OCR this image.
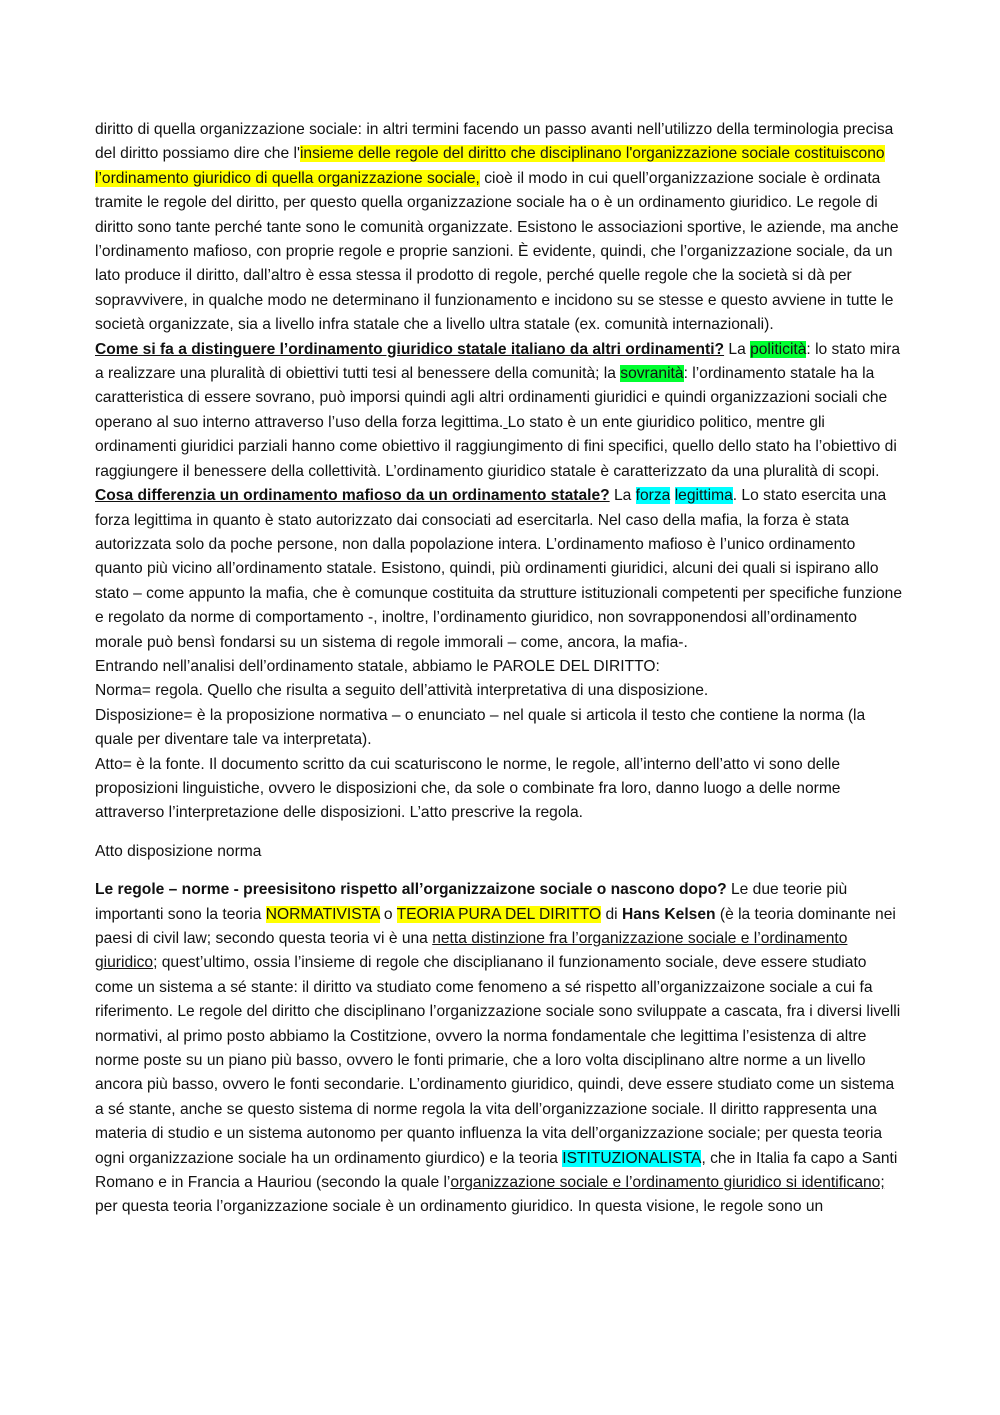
diritto di quella organizzazione sociale: in altri termini facendo un passo avanti nell’utilizzo della terminologia precisa del diritto possiamo dire che l'insieme delle regole del diritto che disciplinano l'organizzazione sociale costituiscono l’ordinamento giuridico di quella organizzazione sociale, cioè il modo in cui quell’organizzazione sociale è ordinata tramite le regole del diritto, per questo quella organizzazione sociale ha o è un ordinamento giuridico. Le regole di diritto sono tante perché tante sono le comunità organizzate. Esistono le associazioni sportive, le aziende, ma anche l’ordinamento mafioso, con proprie regole e proprie sanzioni. È evidente, quindi, che l’organizzazione sociale, da un lato produce il diritto, dall’altro è essa stessa il prodotto di regole, perché quelle regole che la società si dà per sopravvivere, in qualche modo ne determinano il funzionamento e incidono su se stesse e questo avviene in tutte le società organizzate, sia a livello infra statale che a livello ultra statale (ex. comunità internazionali).

Come si fa a distinguere l’ordinamento giuridico statale italiano da altri ordinamenti? La politicità: lo stato mira a realizzare una pluralità di obiettivi tutti tesi al benessere della comunità; la sovranità: l’ordinamento statale ha la caratteristica di essere sovrano, può imporsi quindi agli altri ordinamenti giuridici e quindi organizzazioni sociali che operano al suo interno attraverso l’uso della forza legittima. Lo stato è un ente giuridico politico, mentre gli ordinamenti giuridici parziali hanno come obiettivo il raggiungimento di fini specifici, quello dello stato ha l’obiettivo di raggiungere il benessere della collettività. L’ordinamento giuridico statale è caratterizzato da una pluralità di scopi.

Cosa differenzia un ordinamento mafioso da un ordinamento statale? La forza legittima. Lo stato esercita una forza legittima in quanto è stato autorizzato dai consociati ad esercitarla. Nel caso della mafia, la forza è stata autorizzata solo da poche persone, non dalla popolazione intera. L’ordinamento mafioso è l’unico ordinamento quanto più vicino all’ordinamento statale. Esistono, quindi, più ordinamenti giuridici, alcuni dei quali si ispirano allo stato – come appunto la mafia, che è comunque costituita da strutture istituzionali competenti per specifiche funzione e regolato da norme di comportamento -, inoltre, l’ordinamento giuridico, non sovrapponendosi all’ordinamento morale può bensì fondarsi su un sistema di regole immorali – come, ancora, la mafia-.

Entrando nell’analisi dell’ordinamento statale, abbiamo le PAROLE DEL DIRITTO:

Norma= regola. Quello che risulta a seguito dell’attività interpretativa di una disposizione.

Disposizione= è la proposizione normativa – o enunciato – nel quale si articola il testo che contiene la norma (la quale per diventare tale va interpretata).

Atto= è la fonte. Il documento scritto da cui scaturiscono le norme, le regole, all’interno dell’atto vi sono delle proposizioni linguistiche, ovvero le disposizioni che, da sole o combinate fra loro, danno luogo a delle norme attraverso l’interpretazione delle disposizioni. L’atto prescrive la regola.

Atto disposizione norma

Le regole – norme - preesisitono rispetto all’organizzaizone sociale o nascono dopo? Le due teorie più importanti sono la teoria NORMATIVISTA o TEORIA PURA DEL DIRITTO di Hans Kelsen (è la teoria dominante nei paesi di civil law; secondo questa teoria vi è una netta distinzione fra l’organizzazione sociale e l’ordinamento giuridico; quest’ultimo, ossia l’insieme di regole che disciplianano il funzionamento sociale, deve essere studiato come un sistema a sé stante: il diritto va studiato come fenomeno a sé rispetto all’organizzaizone sociale a cui fa riferimento. Le regole del diritto che disciplinano l’organizzazione sociale sono sviluppate a cascata, fra i diversi livelli normativi, al primo posto abbiamo la Costitzione, ovvero la norma fondamentale che legittima l’esistenza di altre norme poste su un piano più basso, ovvero le fonti primarie, che a loro volta disciplinano altre norme a un livello ancora più basso, ovvero le fonti secondarie. L’ordinamento giuridico, quindi, deve essere studiato come un sistema a sé stante, anche se questo sistema di norme regola la vita dell’organizzazione sociale. Il diritto rappresenta una materia di studio e un sistema autonomo per quanto influenza la vita dell’organizzazione sociale; per questa teoria ogni organizzazione sociale ha un ordinamento giurdico) e la teoria ISTITUZIONALISTA, che in Italia fa capo a Santi Romano e in Francia a Hauriou (secondo la quale l’organizzazione sociale e l’ordinamento giuridico si identificano; per questa teoria l’organizzazione sociale è un ordinamento giuridico. In questa visione, le regole sono un
